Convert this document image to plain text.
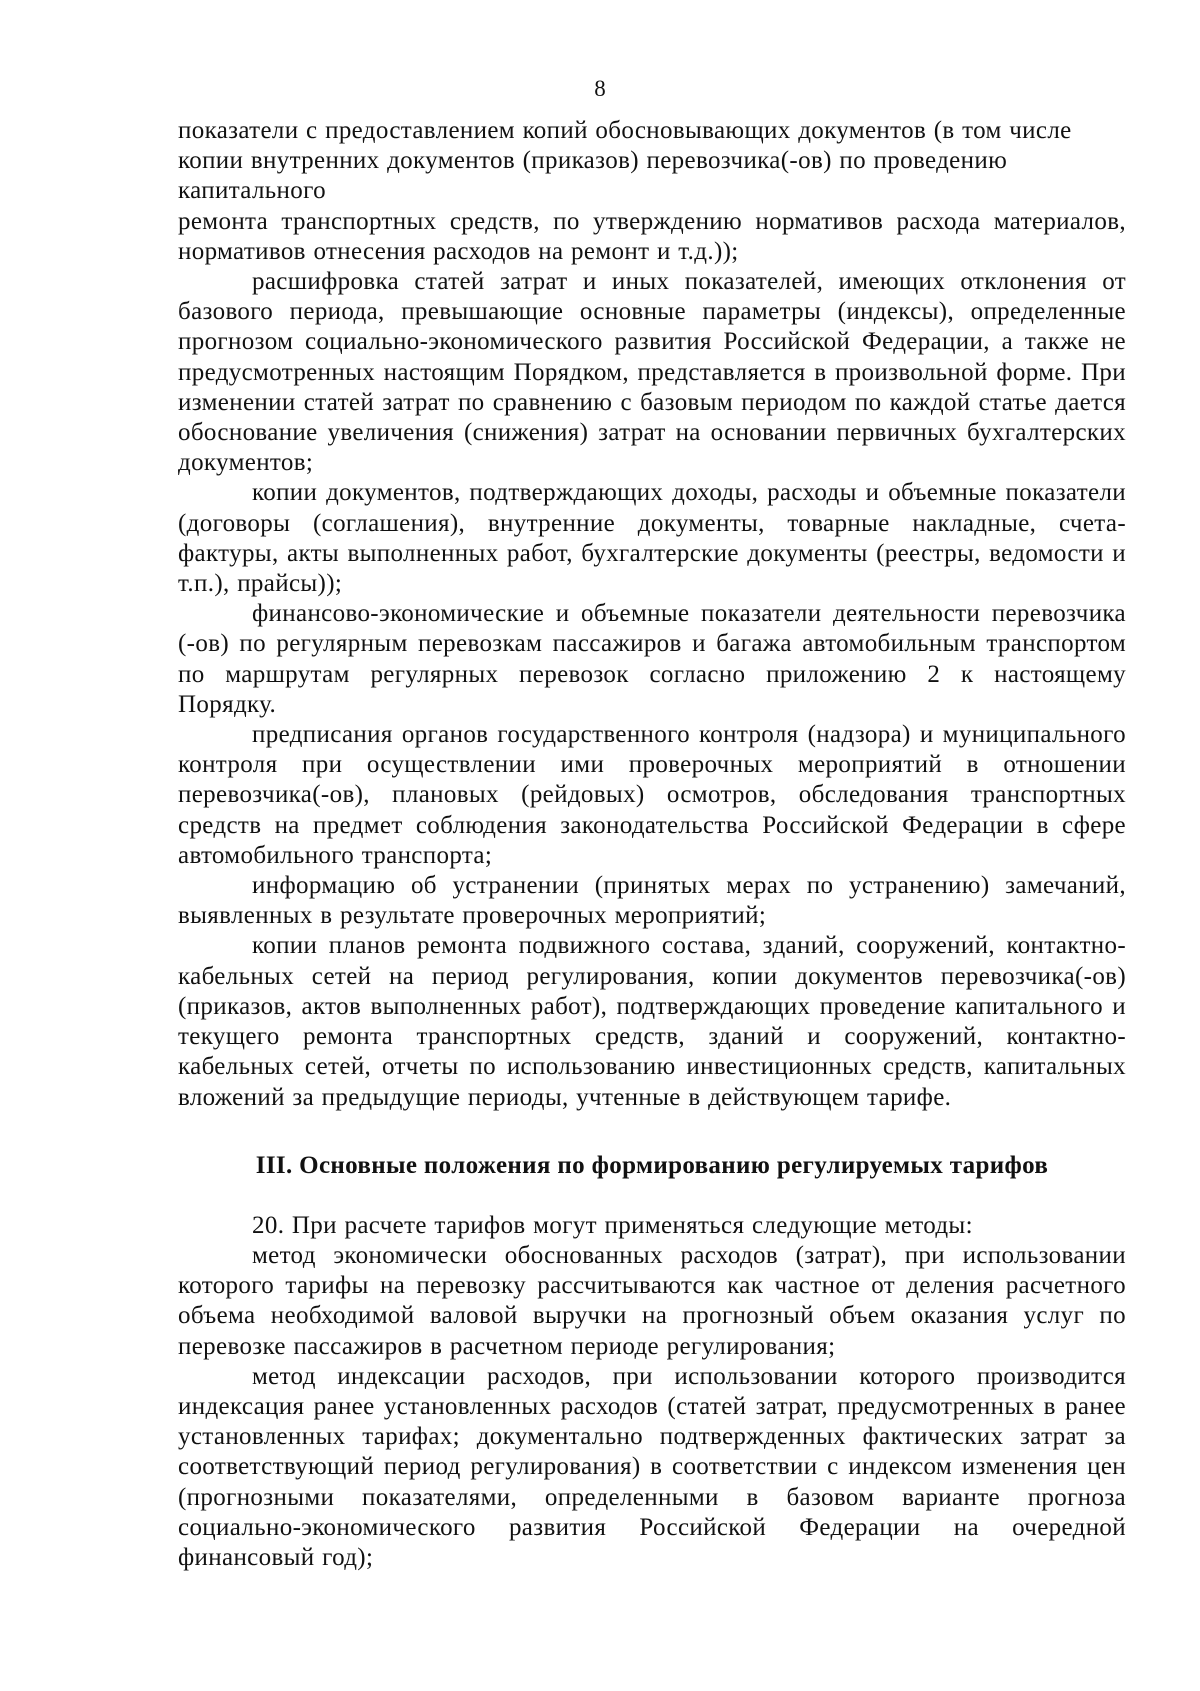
8

показатели с предоставлением копий обосновывающих документов (в том числе копии внутренних документов (приказов) перевозчика(-ов) по проведению капитального

ремонта транспортных средств, по утверждению нормативов расхода материалов, нормативов отнесения расходов на ремонт и т.д.));

расшифровка статей затрат и иных показателей, имеющих отклонения от базового периода, превышающие основные параметры (индексы), определенные прогнозом социально-экономического развития Российской Федерации, а также не предусмотренных настоящим Порядком, представляется в произвольной форме. При изменении статей затрат по сравнению с базовым периодом по каждой статье дается обоснование увеличения (снижения) затрат на основании первичных бухгалтерских документов;

копии документов, подтверждающих доходы, расходы и объемные показатели (договоры (соглашения), внутренние документы, товарные накладные, счета-фактуры, акты выполненных работ, бухгалтерские документы (реестры, ведомости и т.п.), прайсы));

финансово-экономические и объемные показатели деятельности перевозчика (-ов) по регулярным перевозкам пассажиров и багажа автомобильным транспортом по маршрутам регулярных перевозок согласно приложению 2 к настоящему Порядку.

предписания органов государственного контроля (надзора) и муниципального контроля при осуществлении ими проверочных мероприятий в отношении перевозчика(-ов), плановых (рейдовых) осмотров, обследования транспортных средств на предмет соблюдения законодательства Российской Федерации в сфере автомобильного транспорта;

информацию об устранении (принятых мерах по устранению) замечаний, выявленных в результате проверочных мероприятий;

копии планов ремонта подвижного состава, зданий, сооружений, контактно-кабельных сетей на период регулирования, копии документов перевозчика(-ов) (приказов, актов выполненных работ), подтверждающих проведение капитального и текущего ремонта транспортных средств, зданий и сооружений, контактно-кабельных сетей, отчеты по использованию инвестиционных средств, капитальных вложений за предыдущие периоды, учтенные в действующем тарифе.

III. Основные положения по формированию регулируемых тарифов

20. При расчете тарифов могут применяться следующие методы:

метод экономически обоснованных расходов (затрат), при использовании которого тарифы на перевозку рассчитываются как частное от деления расчетного объема необходимой валовой выручки на прогнозный объем оказания услуг по перевозке пассажиров в расчетном периоде регулирования;

метод индексации расходов, при использовании которого производится индексация ранее установленных расходов (статей затрат, предусмотренных в ранее установленных тарифах; документально подтвержденных фактических затрат за соответствующий период регулирования) в соответствии с индексом изменения цен (прогнозными показателями, определенными в базовом варианте прогноза социально-экономического развития Российской Федерации на очередной финансовый год);
